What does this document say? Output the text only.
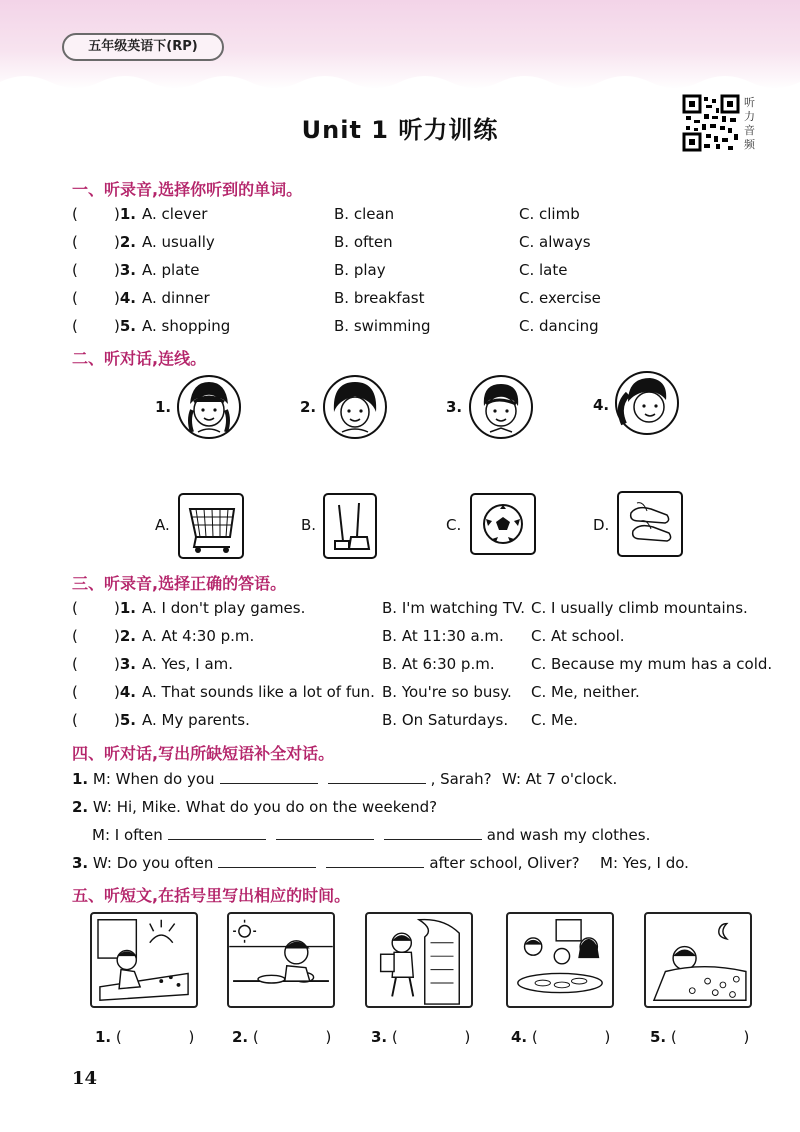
五年级英语下(RP)
Unit 1 听力训练
听
力
音
频
一、听录音,选择你听到的单词。
( )1. A. clever	B. clean	C. climb
( )2. A. usually	B. often	C. always
( )3. A. plate	B. play	C. late
( )4. A. dinner	B. breakfast	C. exercise
( )5. A. shopping	B. swimming	C. dancing
二、听对话,连线。
1.	2.	3.	4.
A.	B.	C.	D.
三、听录音,选择正确的答语。
( )1. A. I don't play games.	B. I'm watching TV. C. I usually climb mountains.
( )2. A. At 4:30 p.m.	B. At 11:30 a.m. C. At school.
( )3. A. Yes, I am.	B. At 6:30 p.m. C. Because my mum has a cold.
( )4. A. That sounds like a lot of fun. B. You're so busy. C. Me, neither.
( )5. A. My parents.	B. On Saturdays. C. Me.
四、听对话,写出所缺短语补全对话。
1. M: When do you	, Sarah? W: At 7 o'clock.
2. W: Hi, Mike. What do you do on the weekend?
M: I often	and wash my clothes.
3. W: Do you often	after school, Oliver? M: Yes, I do.
五、听短文,在括号里写出相应的时间。
1. (              )	2. (              )	3. (              )	4. (              )	5. (              )
14
